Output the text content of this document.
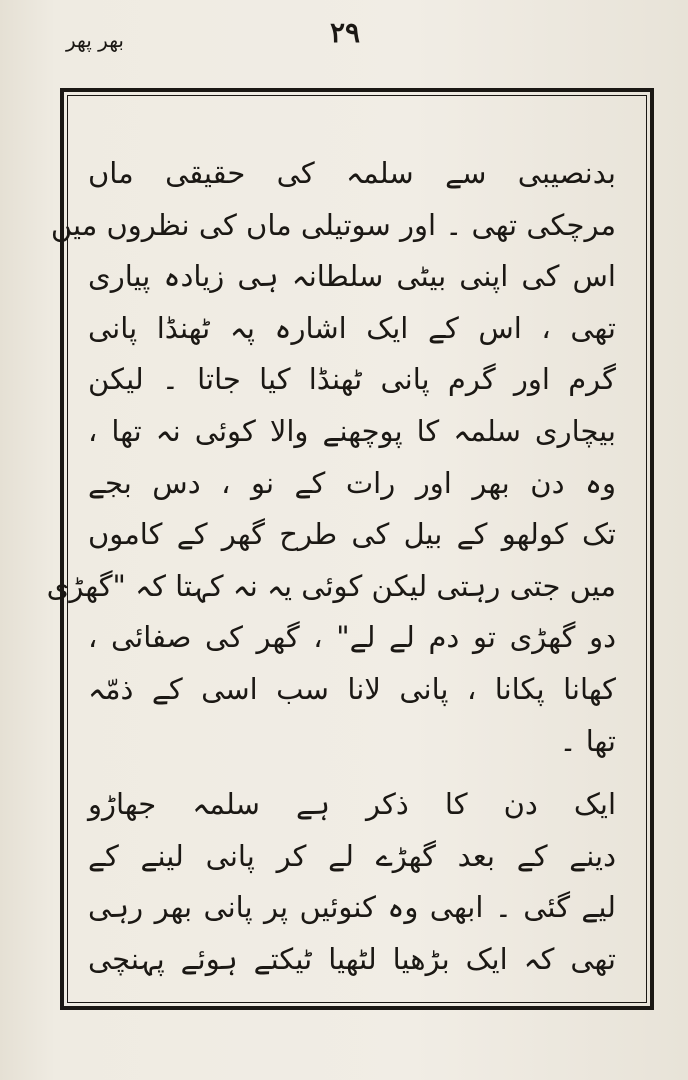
بھر پھر	۲۹
بدنصیبی سے سلمہ کی حقیقی ماں
مرچکی تھی ۔ اور سوتیلی ماں کی نظروں میں
اس کی اپنی بیٹی سلطانہ ہی زیادہ پیاری
تھی ، اس کے ایک اشارہ پہ ٹھنڈا پانی
گرم اور گرم پانی ٹھنڈا کیا جاتا ۔ لیکن
بیچاری سلمہ کا پوچھنے والا کوئی نہ تھا ،
وہ دن بھر اور رات کے نو ، دس بجے
تک کولھو کے بیل کی طرح گھر کے کاموں
میں جتی رہتی لیکن کوئی یہ نہ کہتا کہ "گھڑی
دو گھڑی تو دم لے لے" ، گھر کی صفائی ،
کھانا پکانا ، پانی لانا سب اسی کے ذمّہ
تھا ۔
ایک دن کا ذکر ہے سلمہ جھاڑو
دینے کے بعد گھڑے لے کر پانی لینے کے
لیے گئی ۔ ابھی وہ کنوئیں پر پانی بھر رہی
تھی کہ ایک بڑھیا لٹھیا ٹیکتے ہوئے پہنچی
